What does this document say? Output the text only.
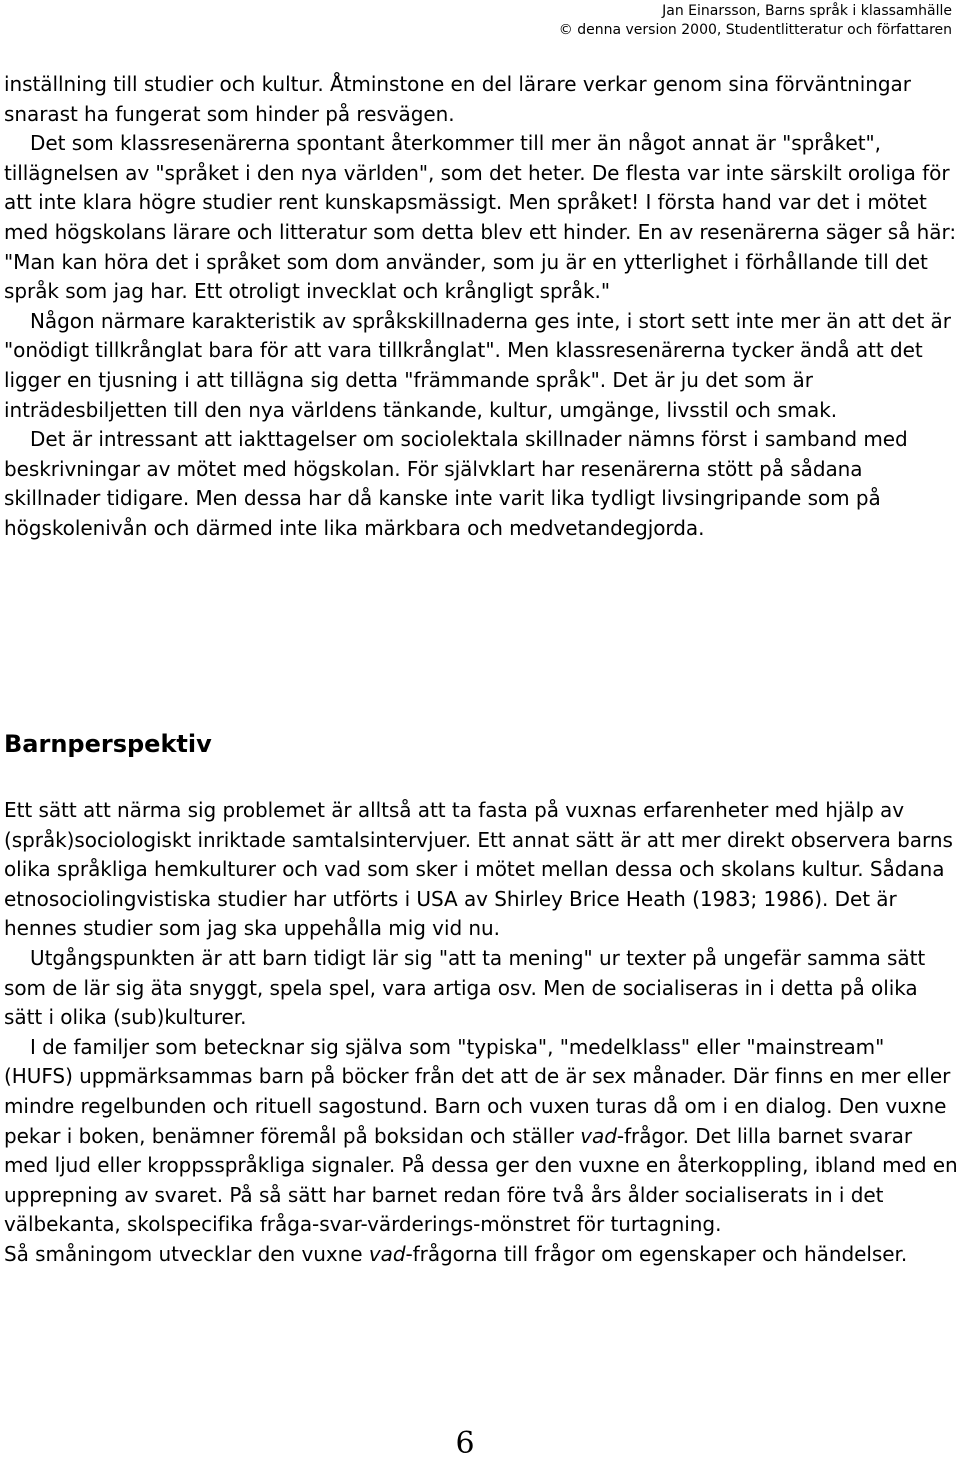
Jan Einarsson, Barns språk i klassamhälle
© denna version 2000, Studentlitteratur och författaren

inställning till studier och kultur. Åtminstone en del lärare verkar genom sina förväntningar snarast ha fungerat som hinder på resvägen.

Det som klassresenärerna spontant återkommer till mer än något annat är "språket", tillägnelsen av "språket i den nya världen", som det heter. De flesta var inte särskilt oroliga för att inte klara högre studier rent kunskapsmässigt. Men språket! I första hand var det i mötet med högskolans lärare och litteratur som detta blev ett hinder. En av resenärerna säger så här: "Man kan höra det i språket som dom använder, som ju är en ytterlighet i förhållande till det språk som jag har. Ett otroligt invecklat och krångligt språk."

Någon närmare karakteristik av språkskillnaderna ges inte, i stort sett inte mer än att det är "onödigt tillkrånglat bara för att vara tillkrånglat". Men klassresenärerna tycker ändå att det ligger en tjusning i att tillägna sig detta "främmande språk". Det är ju det som är inträdesbiljetten till den nya världens tänkande, kultur, umgänge, livsstil och smak.

Det är intressant att iakttagelser om sociolektala skillnader nämns först i samband med beskrivningar av mötet med högskolan. För självklart har resenärerna stött på sådana skillnader tidigare. Men dessa har då kanske inte varit lika tydligt livsingripande som på högskolenivån och därmed inte lika märkbara och medvetandegjorda.

Barnperspektiv

Ett sätt att närma sig problemet är alltså att ta fasta på vuxnas erfarenheter med hjälp av (språk)sociologiskt inriktade samtalsintervjuer. Ett annat sätt är att mer direkt observera barns olika språkliga hemkulturer och vad som sker i mötet mellan dessa och skolans kultur. Sådana etnosociolingvistiska studier har utförts i USA av Shirley Brice Heath (1983; 1986). Det är hennes studier som jag ska uppehålla mig vid nu.

Utgångspunkten är att barn tidigt lär sig "att ta mening" ur texter på ungefär samma sätt som de lär sig äta snyggt, spela spel, vara artiga osv. Men de socialiseras in i detta på olika sätt i olika (sub)kulturer.

I de familjer som betecknar sig själva som "typiska", "medelklass" eller "mainstream" (HUFS) uppmärksammas barn på böcker från det att de är sex månader. Där finns en mer eller mindre regelbunden och rituell sagostund. Barn och vuxen turas då om i en dialog. Den vuxne pekar i boken, benämner föremål på boksidan och ställer vad-frågor. Det lilla barnet svarar med ljud eller kroppsspråkliga signaler. På dessa ger den vuxne en återkoppling, ibland med en upprepning av svaret. På så sätt har barnet redan före två års ålder socialiserats in i det välbekanta, skolspecifika fråga-svar-värderings-mönstret för turtagning.

Så småningom utvecklar den vuxne vad-frågorna till frågor om egenskaper och händelser.

6
